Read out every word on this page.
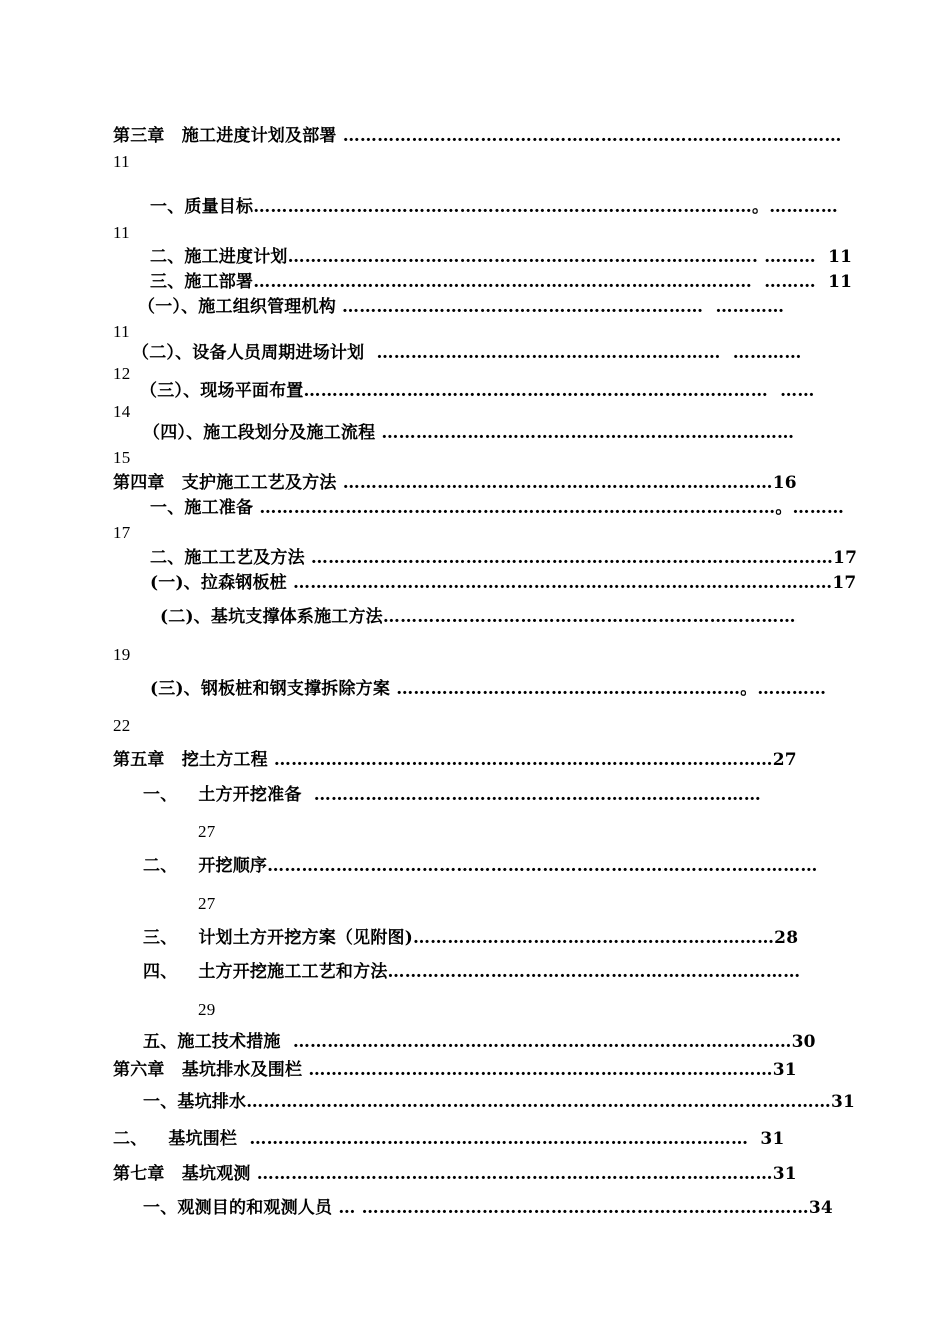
第三章　施工进度计划及部署 ……………………………………………………………………………
11
一、质量目标……………………………………………………………………………。…………
11
二、施工进度计划………………………………………………………………………. ………  11
三、施工部署……………………………………………………………………………  ………  11
（一）、施工组织管理机构 ………………………………………………………  …………
11
（二）、设备人员周期进场计划  ……………………………………………………  …………
12
（三）、现场平面布置………………………………………………………………………  ……
14
（四）、施工段划分及施工流程 ………………………………………………………………
15
第四章　支护施工工艺及方法 …………………………………………………………………16
一、施工准备 ………………………………………………………………………………。………
17
二、施工工艺及方法 ……………………………………………………………………….………17
(一)、拉森钢板桩 ………………………………………………………………………….………17
(二)、基坑支撑体系施工方法………………………………………………………………
19
(三)、钢板桩和钢支撑拆除方案 ……………………………………………………。…………
22
第五章　挖土方工程 ……………………………………………………………………………27
一、　  土方开挖准备  ……………………………………………………………………
27
二、　  开挖顺序……………………………………………………………………………………
27
三、　  计划土方开挖方案（见附图)………………………………………………………28
四、　  土方开挖施工工艺和方法………………………………………………………………
29
五、施工技术措施  ……………………………………………………………………………30
第六章　基坑排水及围栏 ………………………………………………………………………31
一、基坑排水…………………………………………………………………………………………31
二、　  基坑围栏  ……………………………………………………………………………  31
第七章　基坑观测 ………………………………………………………………………………31
一、观测目的和观测人员 … ……………………………………………………………………34
